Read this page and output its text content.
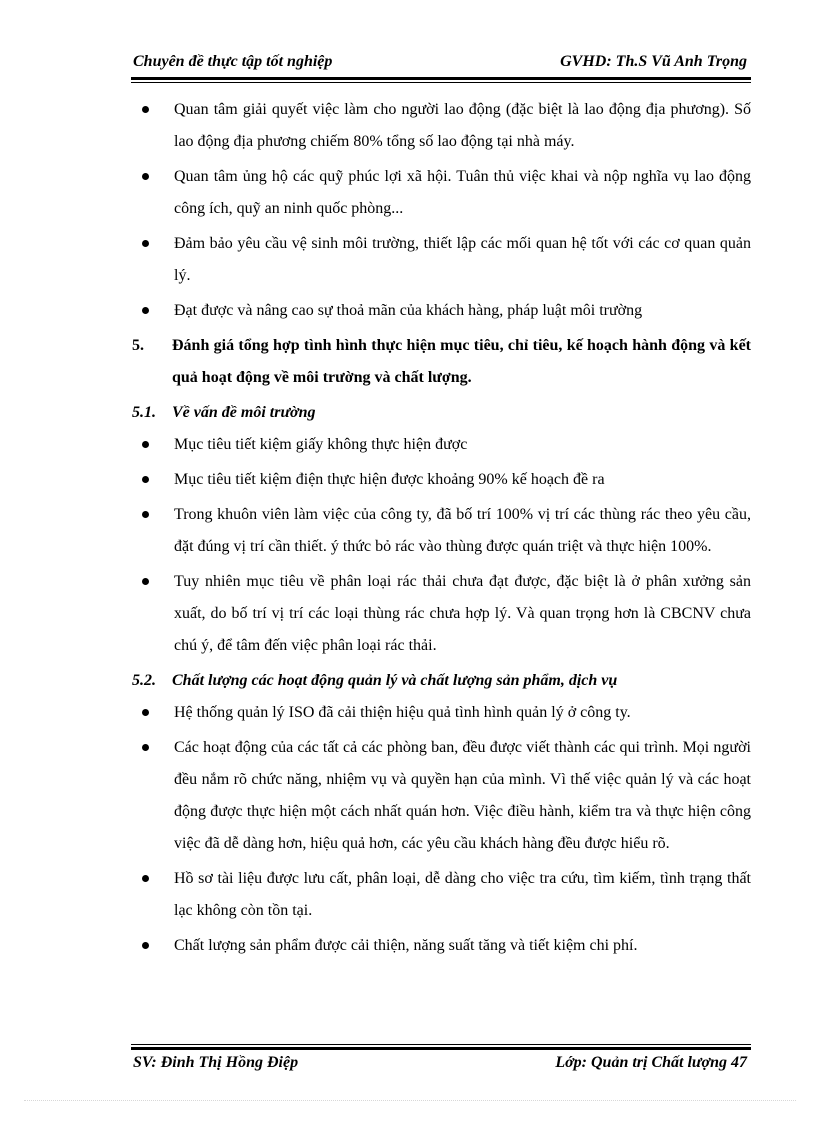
Chuyên đề thực tập tốt nghiệp	GVHD: Th.S Vũ Anh Trọng
Quan tâm giải quyết việc làm cho người lao động (đặc biệt là lao động địa phương). Số lao động địa phương chiếm 80% tổng số lao động tại nhà máy.
Quan tâm ủng hộ các quỹ phúc lợi xã hội. Tuân thủ việc khai và nộp nghĩa vụ lao động công ích, quỹ an ninh quốc phòng...
Đảm bảo yêu cầu vệ sinh môi trường, thiết lập các mối quan hệ tốt với các cơ quan quản lý.
Đạt được và nâng cao sự thoả mãn của khách hàng, pháp luật môi trường
5.	Đánh giá tổng hợp tình hình thực hiện mục tiêu, chỉ tiêu, kế hoạch hành động và kết quả hoạt động về môi trường và chất lượng.
5.1.	Về vấn đề môi trường
Mục tiêu tiết kiệm giấy không thực hiện được
Mục tiêu tiết kiệm điện thực hiện được khoảng 90% kế hoạch đề ra
Trong khuôn viên làm việc của công ty, đã bố trí 100% vị trí các thùng rác theo yêu cầu, đặt đúng vị trí cần thiết. ý thức bỏ rác vào thùng được quán triệt và thực hiện 100%.
Tuy nhiên mục tiêu về phân loại rác thải chưa đạt được, đặc biệt là ở phân xưởng sản xuất, do bố trí vị trí các loại thùng rác chưa hợp lý. Và quan trọng hơn là CBCNV chưa chú ý, để tâm đến việc phân loại rác thải.
5.2.	Chất lượng các hoạt động quản lý và chất lượng sản phẩm, dịch vụ
Hệ thống quản lý ISO đã cải thiện hiệu quả tình hình quản lý ở công ty.
Các hoạt động của các tất cả các phòng ban, đều được viết thành các qui trình. Mọi người đều nắm rõ chức năng, nhiệm vụ và quyền hạn của mình. Vì thế việc quản lý và các hoạt động được thực hiện một cách nhất quán hơn. Việc điều hành, kiểm tra và thực hiện công việc đã dễ dàng hơn, hiệu quả hơn, các yêu cầu khách hàng đều được hiểu rõ.
Hồ sơ tài liệu được lưu cất, phân loại, dễ dàng cho việc tra cứu, tìm kiếm, tình trạng thất lạc không còn tồn tại.
Chất lượng sản phẩm được cải thiện, năng suất tăng và tiết kiệm chi phí.
SV: Đinh Thị Hồng Điệp	Lớp: Quản trị Chất lượng 47
